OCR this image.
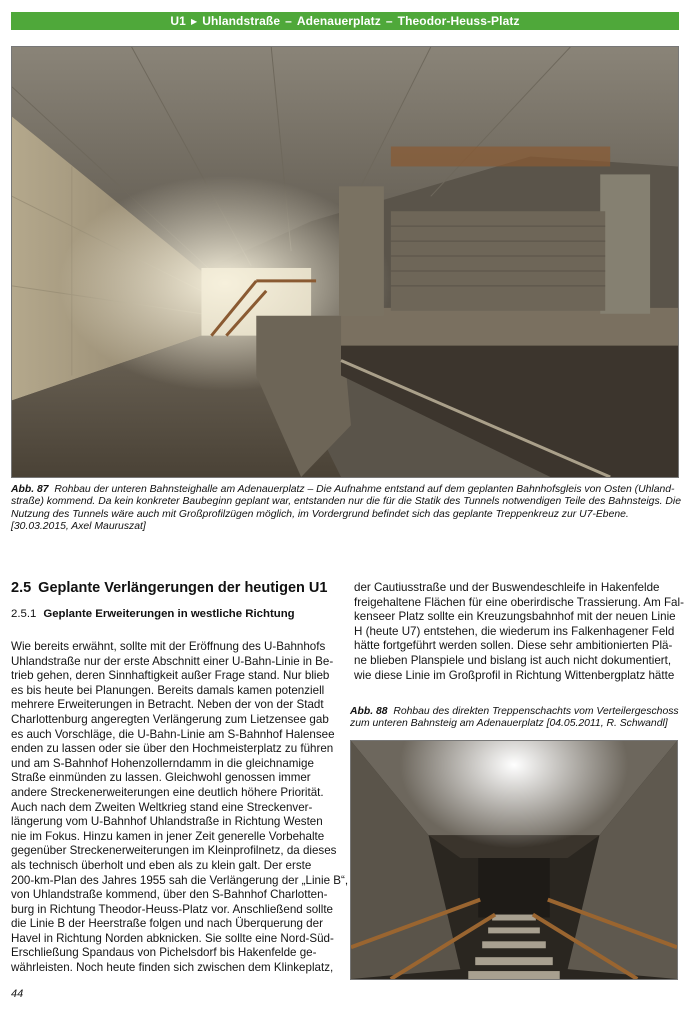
U1 ▶ Uhlandstraße – Adenauerplatz – Theodor-Heuss-Platz
Abb. 87 Rohbau der unteren Bahnsteighalle am Adenauerplatz – Die Aufnahme entstand auf dem geplanten Bahnhofsgleis von Osten (Uhland-
straße) kommend. Da kein konkreter Baubeginn geplant war, entstanden nur die für die Statik des Tunnels notwendigen Teile des Bahnsteigs. Die
Nutzung des Tunnels wäre auch mit Großprofilzügen möglich, im Vordergrund befindet sich das geplante Treppenkreuz zur U7-Ebene.
[30.03.2015, Axel Mauruszat]
2.5 Geplante Verlängerungen der heutigen U1
2.5.1 Geplante Erweiterungen in westliche Richtung
Wie bereits erwähnt, sollte mit der Eröffnung des U-Bahnhofs
Uhlandstraße nur der erste Abschnitt einer U-Bahn-Linie in Be-
trieb gehen, deren Sinnhaftigkeit außer Frage stand. Nur blieb
es bis heute bei Planungen. Bereits damals kamen potenziell
mehrere Erweiterungen in Betracht. Neben der von der Stadt
Charlottenburg angeregten Verlängerung zum Lietzensee gab
es auch Vorschläge, die U-Bahn-Linie am S-Bahnhof Halensee
enden zu lassen oder sie über den Hochmeisterplatz zu führen
und am S-Bahnhof Hohenzollerndamm in die gleichnamige
Straße einmünden zu lassen. Gleichwohl genossen immer
andere Streckenerweiterungen eine deutlich höhere Priorität.
Auch nach dem Zweiten Weltkrieg stand eine Streckenver-
längerung vom U-Bahnhof Uhlandstraße in Richtung Westen
nie im Fokus. Hinzu kamen in jener Zeit generelle Vorbehalte
gegenüber Streckenerweiterungen im Kleinprofilnetz, da dieses
als technisch überholt und eben als zu klein galt. Der erste
200-km-Plan des Jahres 1955 sah die Verlängerung der „Linie B“,
von Uhlandstraße kommend, über den S-Bahnhof Charlotten-
burg in Richtung Theodor-Heuss-Platz vor. Anschließend sollte
die Linie B der Heerstraße folgen und nach Überquerung der
Havel in Richtung Norden abknicken. Sie sollte eine Nord-Süd-
Erschließung Spandaus von Pichelsdorf bis Hakenfelde ge-
währleisten. Noch heute finden sich zwischen dem Klinkeplatz,
der Cautiusstraße und der Buswendeschleife in Hakenfelde
freigehaltene Flächen für eine oberirdische Trassierung. Am Fal-
kenseer Platz sollte ein Kreuzungsbahnhof mit der neuen Linie
H (heute U7) entstehen, die wiederum ins Falkenhagener Feld
hätte fortgeführt werden sollen. Diese sehr ambitionierten Plä-
ne blieben Planspiele und bislang ist auch nicht dokumentiert,
wie diese Linie im Großprofil in Richtung Wittenbergplatz hätte
Abb. 88 Rohbau des direkten Treppenschachts vom Verteilergeschoss
zum unteren Bahnsteig am Adenauerplatz [04.05.2011, R. Schwandl]
44
